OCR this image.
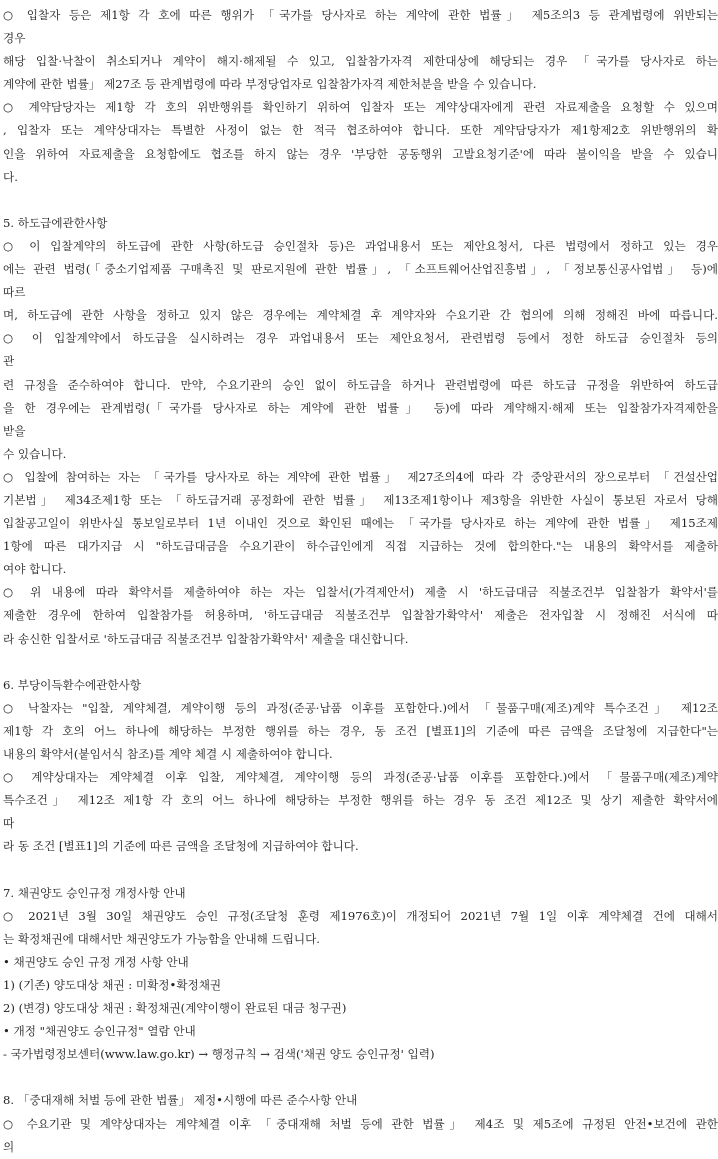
○ 입찰자 등은 제1항 각 호에 따른 행위가 「국가를 당사자로 하는 계약에 관한 법률」 제5조의3 등 관계법령에 위반되는
경우
해당 입찰·낙찰이 취소되거나 계약이 해지·해제될 수 있고, 입찰참가자격 제한대상에 해당되는 경우 「국가를 당사자로 하는
계약에 관한 법률」 제27조 등 관계법령에 따라 부정당업자로 입찰참가자격 제한처분을 받을 수 있습니다.
○ 계약담당자는 제1항 각 호의 위반행위를 확인하기 위하여 입찰자 또는 계약상대자에게 관련 자료제출을 요청할 수 있으며
, 입찰자 또는 계약상대자는 특별한 사정이 없는 한 적극 협조하여야 합니다. 또한 계약담당자가 제1항제2호 위반행위의 확
인을 위하여 자료제출을 요청함에도 협조를 하지 않는 경우 '부당한 공동행위 고발요청기준'에 따라 불이익을 받을 수 있습니
다.
5. 하도급에관한사항
○ 이 입찰계약의 하도급에 관한 사항(하도급 승인절차 등)은 과업내용서 또는 제안요청서, 다른 법령에서 정하고 있는 경우
에는 관련 법령(「중소기업제품 구매촉진 및 판로지원에 관한 법률」, 「소프트웨어산업진흥법」, 「정보통신공사업법」 등)에
따르
며, 하도급에 관한 사항을 정하고 있지 않은 경우에는 계약체결 후 계약자와 수요기관 간 협의에 의해 정해진 바에 따릅니다.
○ 이 입찰계약에서 하도급을 실시하려는 경우 과업내용서 또는 제안요청서, 관련법령 등에서 정한 하도급 승인절차 등의
관
련 규정을 준수하여야 합니다. 만약, 수요기관의 승인 없이 하도급을 하거나 관련법령에 따른 하도급 규정을 위반하여 하도급
을 한 경우에는 관계법령(「국가를 당사자로 하는 계약에 관한 법률」 등)에 따라 계약해지·해제 또는 입찰참가자격제한을
받을
수 있습니다.
○ 입찰에 참여하는 자는 「국가를 당사자로 하는 계약에 관한 법률」 제27조의4에 따라 각 중앙관서의 장으로부터 「건설산업
기본법」 제34조제1항 또는 「하도급거래 공정화에 관한 법률」 제13조제1항이나 제3항을 위반한 사실이 통보된 자로서 당해
입찰공고일이 위반사실 통보일로부터 1년 이내인 것으로 확인된 때에는 「국가를 당사자로 하는 계약에 관한 법률」 제15조제
1항에 따른 대가지급 시 "하도급대금을 수요기관이 하수급인에게 직접 지급하는 것에 합의한다."는 내용의 확약서를 제출하
여야 합니다.
○ 위 내용에 따라 확약서를 제출하여야 하는 자는 입찰서(가격제안서) 제출 시 '하도급대금 직불조건부 입찰참가 확약서'를
제출한 경우에 한하여 입찰참가를 허용하며, '하도급대금 직불조건부 입찰참가확약서' 제출은 전자입찰 시 정해진 서식에 따
라 송신한 입찰서로 '하도급대금 직불조건부 입찰참가확약서' 제출을 대신합니다.
6. 부당이득환수에관한사항
○ 낙찰자는 "입찰, 계약체결, 계약이행 등의 과정(준공·납품 이후를 포함한다.)에서 「물품구매(제조)계약 특수조건」 제12조
제1항 각 호의 어느 하나에 해당하는 부정한 행위를 하는 경우, 동 조건 [별표1]의 기준에 따른 금액을 조달청에 지급한다"는
내용의 확약서(붙임서식 참조)를 계약 체결 시 제출하여야 합니다.
○ 계약상대자는 계약체결 이후 입찰, 계약체결, 계약이행 등의 과정(준공·납품 이후를 포함한다.)에서 「물품구매(제조)계약
특수조건」 제12조 제1항 각 호의 어느 하나에 해당하는 부정한 행위를 하는 경우 동 조건 제12조 및 상기 제출한 확약서에
따
라 동 조건 [별표1]의 기준에 따른 금액을 조달청에 지급하여야 합니다.
7. 채권양도 승인규정 개정사항 안내
○ 2021년 3월 30일 채권양도 승인 규정(조달청 훈령 제1976호)이 개정되어 2021년 7월 1일 이후 계약체결 건에 대해서
는 확정채권에 대해서만 채권양도가 가능함을 안내해 드립니다.
• 채권양도 승인 규정 개정 사항 안내
1) (기존) 양도대상 채권 : 미확정•확정채권
2) (변경) 양도대상 채권 : 확정채권(계약이행이 완료된 대금 청구권)
• 개정 "채권양도 승인규정" 열람 안내
- 국가법령정보센터(www.law.go.kr) → 행정규칙 → 검색('채권 양도 승인규정' 입력)
8. 「중대재해 처벌 등에 관한 법률」 제정•시행에 따른 준수사항 안내
○ 수요기관 및 계약상대자는 계약체결 이후 「중대재해 처벌 등에 관한 법률」 제4조 및 제5조에 규정된 안전•보건에 관한
의
